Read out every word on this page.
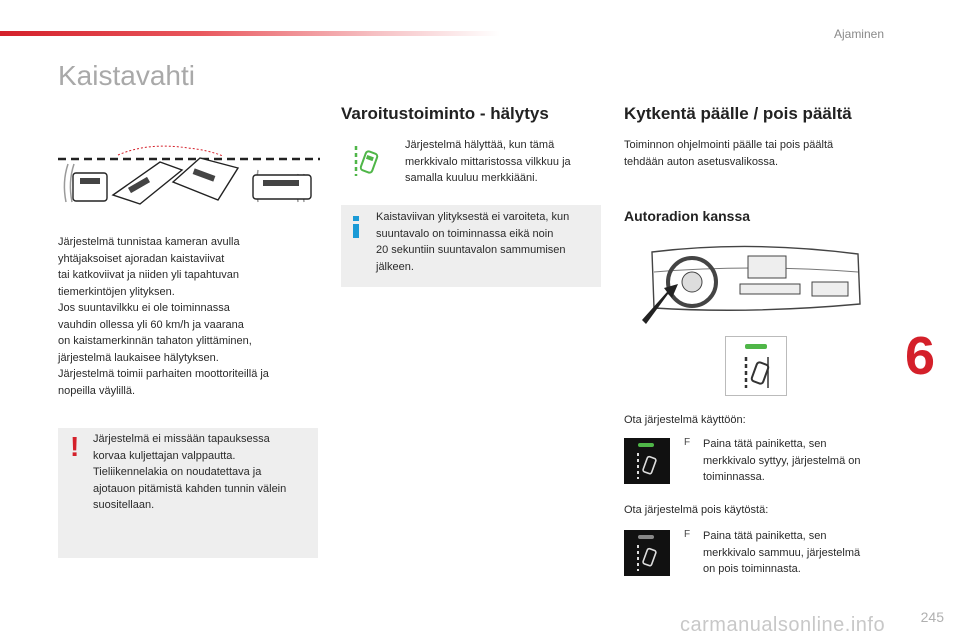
Ajaminen
Kaistavahti
Järjestelmä tunnistaa kameran avulla
yhtäjaksoiset ajoradan kaistaviivat
tai katkoviivat ja niiden yli tapahtuvan
tiemerkintöjen ylityksen.
Jos suuntavilkku ei ole toiminnassa
vauhdin ollessa yli 60 km/h ja vaarana
on kaistamerkinnän tahaton ylittäminen,
järjestelmä laukaisee hälytyksen.
Järjestelmä toimii parhaiten moottoriteillä ja
nopeilla väylillä.
! Järjestelmä ei missään tapauksessa
korvaa kuljettajan valppautta.
Tieliikennelakia on noudatettava ja
ajotauon pitämistä kahden tunnin välein
suositellaan.
Varoitustoiminto - hälytys
Järjestelmä hälyttää, kun tämä
merkkivalo mittaristossa vilkkuu ja
samalla kuuluu merkkiääni.
Kaistaviivan ylityksestä ei varoiteta, kun
suuntavalo on toiminnassa eikä noin
20 sekuntiin suuntavalon sammumisen
jälkeen.
Kytkentä päälle / pois päältä
Toiminnon ohjelmointi päälle tai pois päältä
tehdään auton asetusvalikossa.
Autoradion kanssa
Ota järjestelmä käyttöön:
F Paina tätä painiketta, sen
merkkivalo syttyy, järjestelmä on
toiminnassa.
Ota järjestelmä pois käytöstä:
F Paina tätä painiketta, sen
merkkivalo sammuu, järjestelmä
on pois toiminnasta.
6
carmanualsonline.info	245
